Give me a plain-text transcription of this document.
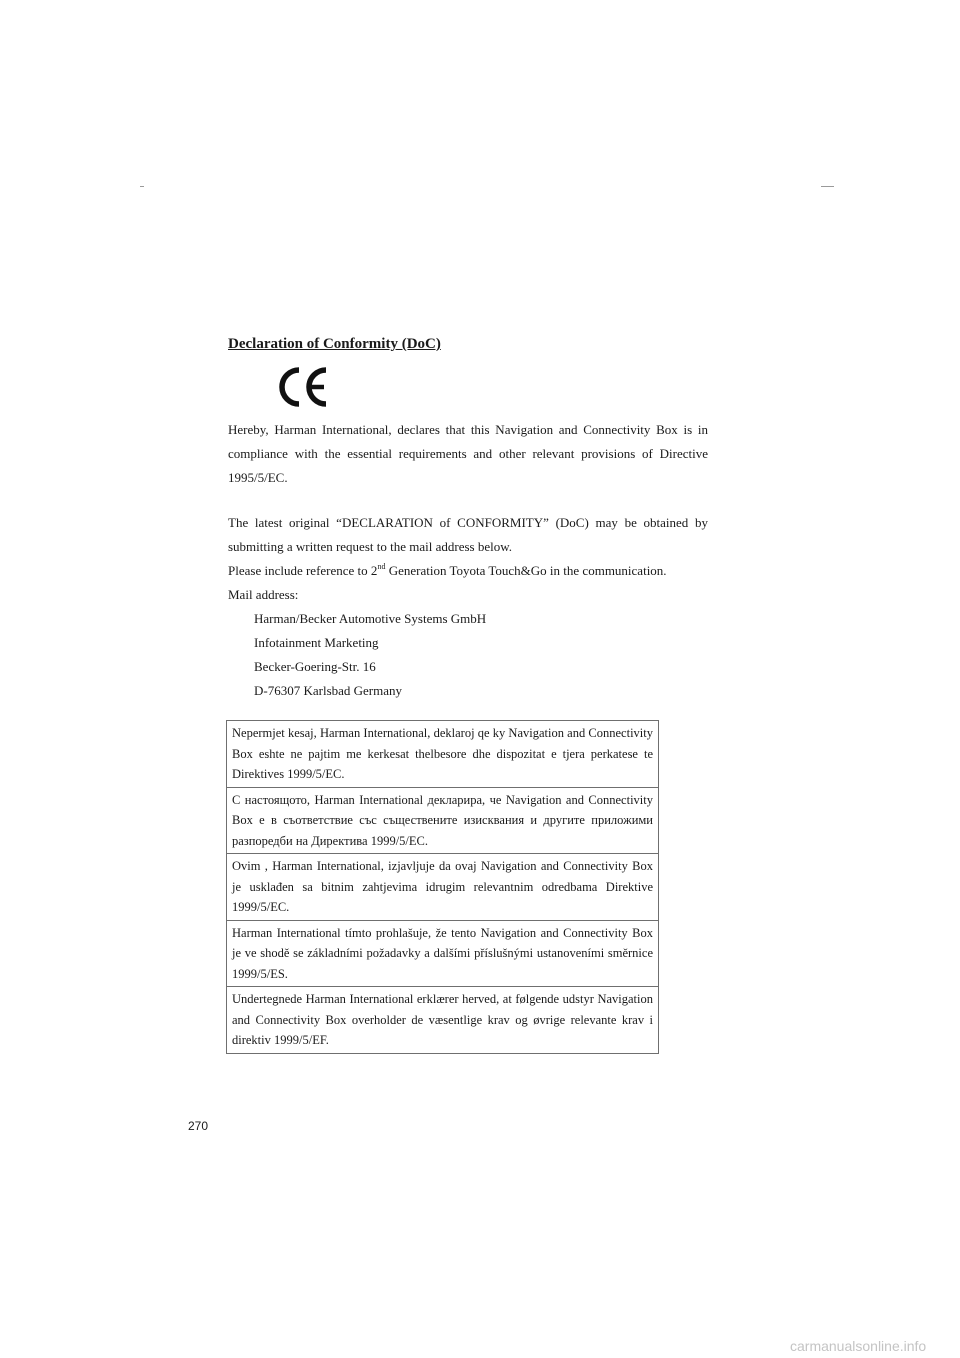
Declaration of Conformity (DoC)

Hereby, Harman International, declares that this Navigation and Connectivity Box is in compliance with the essential requirements and other relevant provisions of Directive 1995/5/EC.

The latest original “DECLARATION of CONFORMITY” (DoC) may be obtained by submitting a written request to the mail address below.

Please include reference to 2nd Generation Toyota Touch&Go in the communication.
Mail address:
Harman/Becker Automotive Systems GmbH
Infotainment Marketing
Becker-Goering-Str. 16
D-76307 Karlsbad Germany
Nepermjet kesaj, Harman International, deklaroj qe ky Navigation and Connectivity Box eshte ne pajtim me kerkesat thelbesore dhe dispozitat e tjera perkatese te Direktives 1999/5/EC.
С настоящото, Harman International декларира, че Navigation and Connectivity Box е в съответствие със съществените изисквания и другите приложими разпоредби на Директива 1999/5/EC.
Ovim , Harman International, izjavljuje da ovaj Navigation and Connectivity Box je usklađen sa bitnim zahtjevima idrugim relevantnim odredbama Direktive 1999/5/EC.
Harman International tímto prohlašuje, že tento Navigation and Connectivity Box je ve shodě se základními požadavky a dalšími příslušnými ustanoveními směrnice 1999/5/ES.
Undertegnede Harman International erklærer herved, at følgende udstyr Navigation and Connectivity Box overholder de væsentlige krav og øvrige relevante krav i direktiv 1999/5/EF.
270
carmanualsonline.info
